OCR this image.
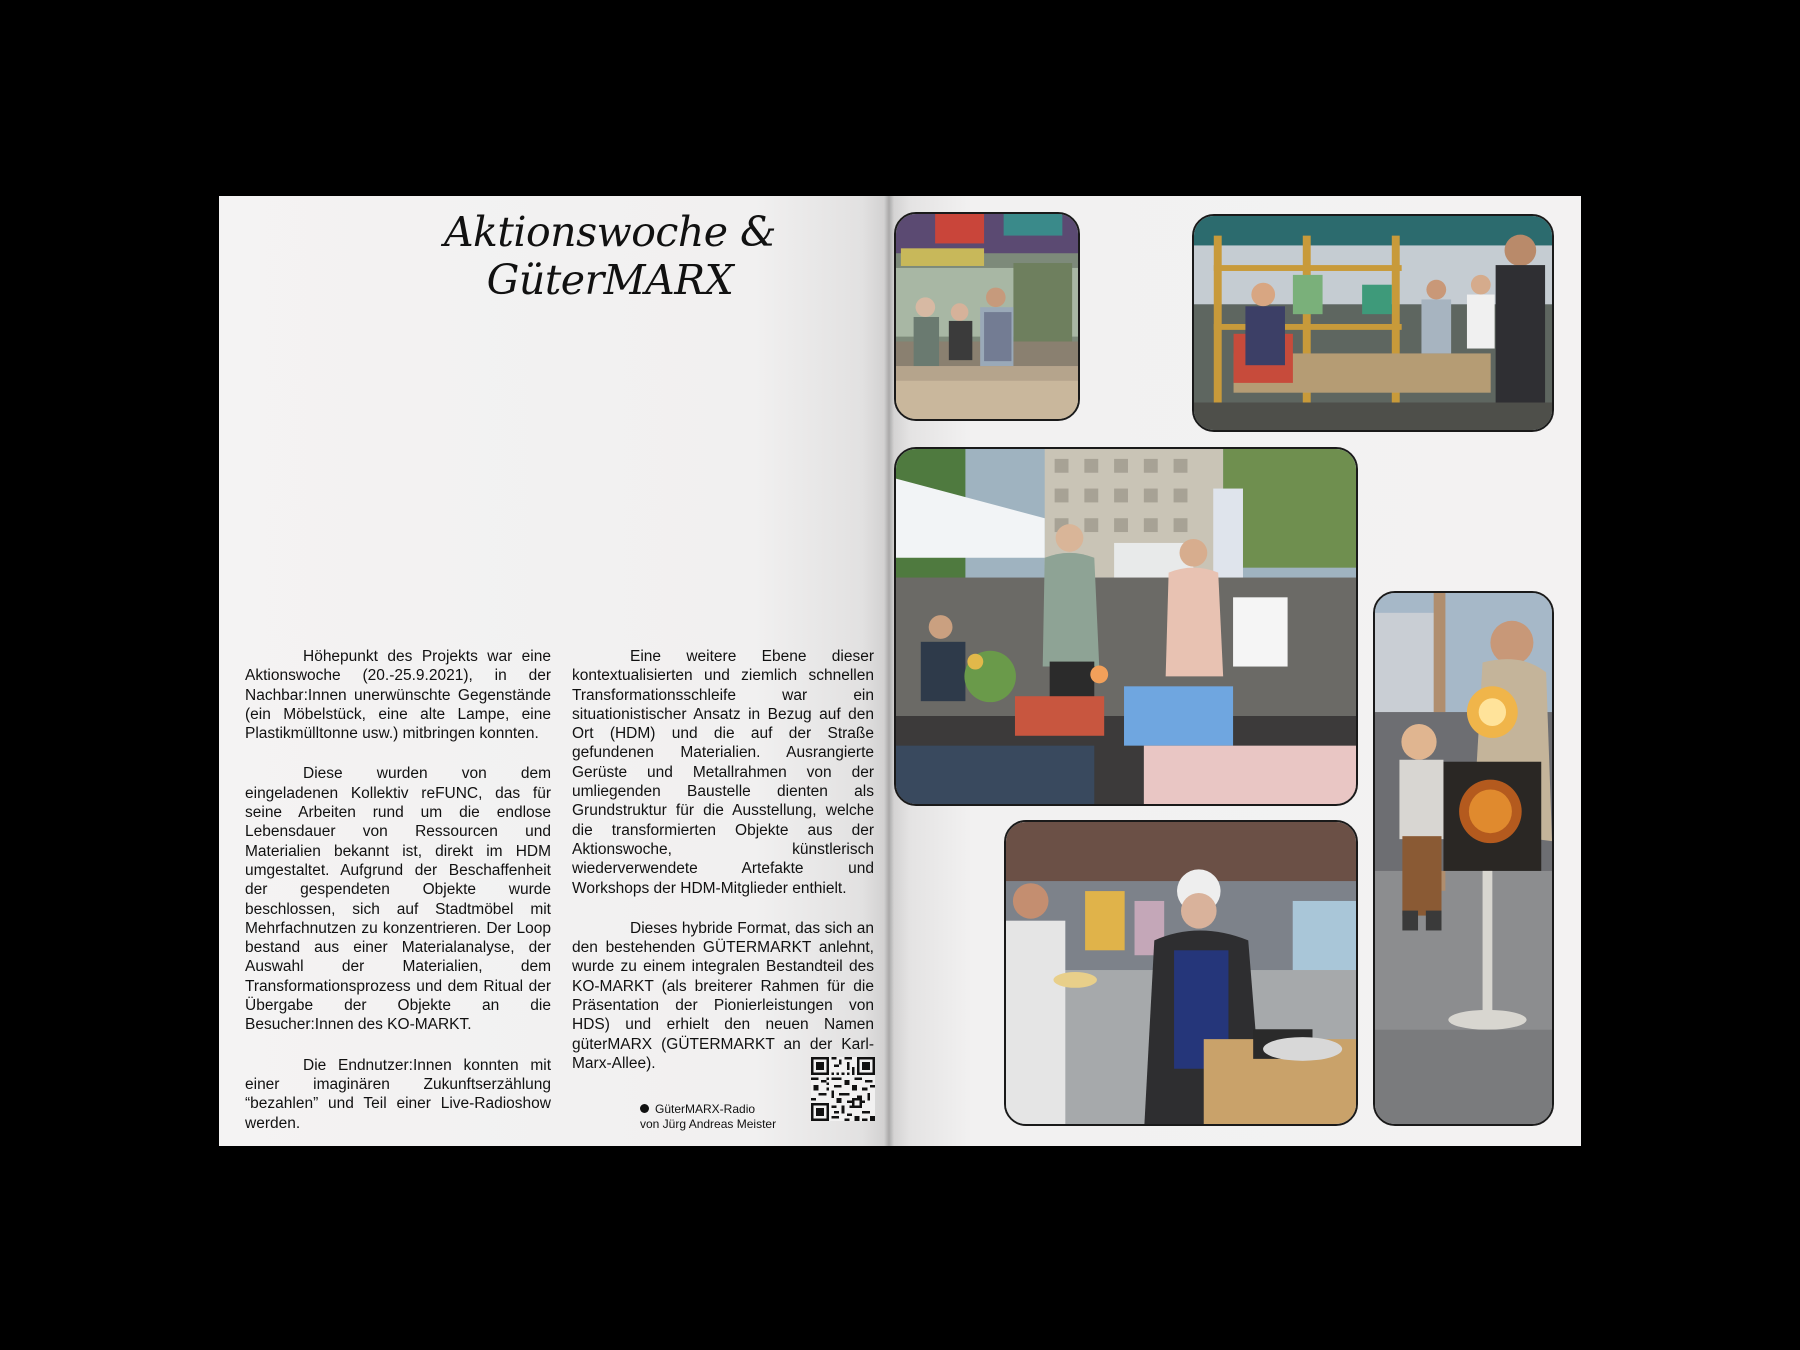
Aktionswoche &
GüterMARX

Höhepunkt des Projekts war eine Aktionswoche (20.-25.9.2021), in der Nachbar:Innen unerwünschte Gegenstände (ein Möbelstück, eine alte Lampe, eine Plastikmülltonne usw.) mitbringen konnten.

Diese wurden von dem eingeladenen Kollektiv reFUNC, das für seine Arbeiten rund um die endlose Lebensdauer von Ressourcen und Materialien bekannt ist, direkt im HDM umgestaltet. Aufgrund der Beschaffenheit der gespendeten Objekte wurde beschlossen, sich auf Stadtmöbel mit Mehrfachnutzen zu konzentrieren. Der Loop bestand aus einer Materialanalyse, der Auswahl der Materialien, dem Transformationsprozess und dem Ritual der Übergabe der Objekte an die Besucher:Innen des KO-MARKT.

Die Endnutzer:Innen konnten mit einer imaginären Zukunftserzählung “bezahlen” und Teil einer Live-Radioshow werden.

Eine weitere Ebene dieser kontextualisierten und ziemlich schnellen Transformationsschleife war ein situationistischer Ansatz in Bezug auf den Ort (HDM) und die auf der Straße gefundenen Materialien. Ausrangierte Gerüste und Metallrahmen von der umliegenden Baustelle dienten als Grundstruktur für die Ausstellung, welche die transformierten Objekte aus der Aktionswoche, künstlerisch wiederverwendete Artefakte und Workshops der HDM-Mitglieder enthielt.

Dieses hybride Format, das sich an den bestehenden GÜTERMARKT anlehnt, wurde zu einem integralen Bestandteil des KO-MARKT (als breiterer Rahmen für die Präsentation der Pionierleistungen von HDS) und erhielt den neuen Namen güterMARX (GÜTERMARKT an der Karl-Marx-Allee).

GüterMARX-Radio
von Jürg Andreas Meister
